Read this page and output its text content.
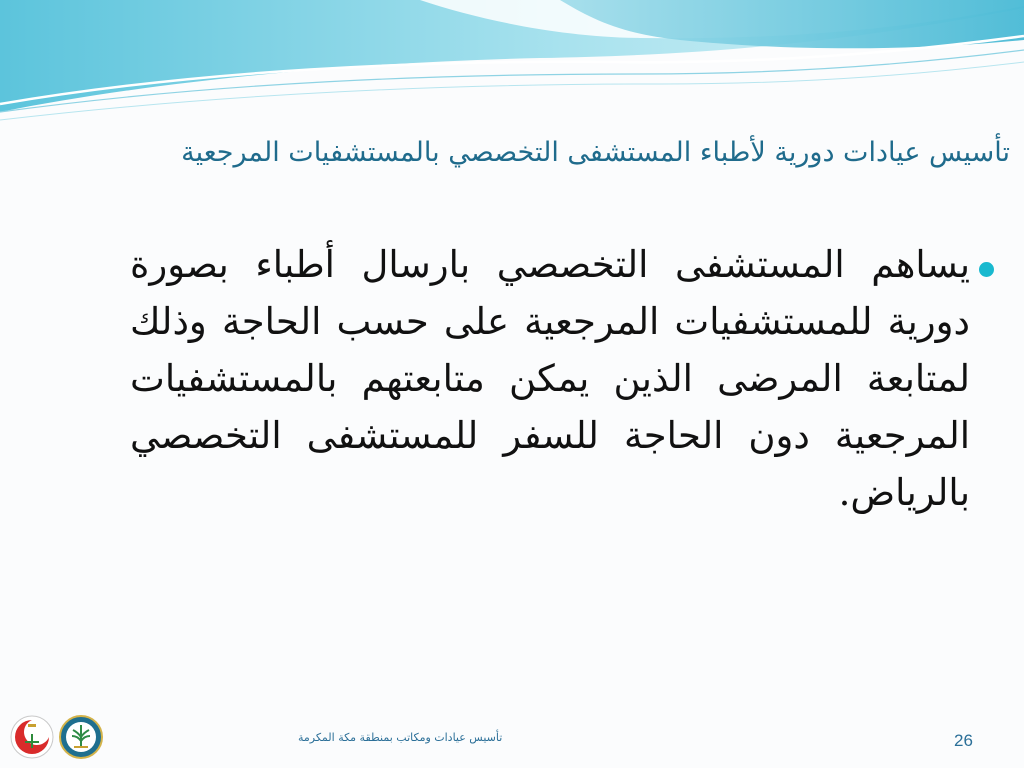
تأسيس عيادات دورية لأطباء المستشفى التخصصي بالمستشفيات المرجعية

يساهم المستشفى التخصصي بارسال أطباء بصورة دورية للمستشفيات المرجعية على حسب الحاجة وذلك لمتابعة المرضى الذين يمكن متابعتهم بالمستشفيات المرجعية دون الحاجة للسفر للمستشفى التخصصي بالرياض.

تأسيس عيادات ومكاتب بمنطقة مكة المكرمة	26
